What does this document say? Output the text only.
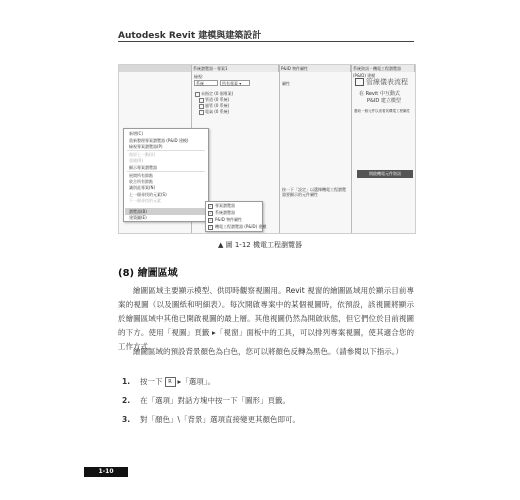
Autodesk Revit 建模與建築設計
系統瀏覽器 - 專案1	P&ID 物件屬性	系統資訊 - 機電工程瀏覽器 (P&ID) 建模
檢視:
系統	所有專案 ▾
未指定 (0 個專案)
管道 (0 系統)
風管 (0 系統)
電氣 (0 系統)
屬性	管線儀表流程
在 Revit 中互動式
P&ID 建立模型
選取一個元件以查看其機電工程屬性
按一下「設定」以選擇機電工程瀏覽器要顯示的元件屬性
開啟機電元件資訊
新增(C)
重新整理專案瀏覽器 (P&ID 建模)
檢視專案瀏覽器(P)
復原上一動(U)
重做(R)
顯示專案瀏覽器
展開所有節點
收合所有節點
識別此專案(N)
上一個尋找的元素(S)
下一個尋找的元素
瀏覽器(B)
建築圖(E)
✓ 專案瀏覽器
✓ 系統瀏覽器
✓ P&ID 物件屬性
✓ 機電工程瀏覽器 (P&ID) 建模
▲ 圖 1-12 機電工程瀏覽器
(8) 繪圖區域
繪圖區域主要顯示模型、供即時觀察視圖用。Revit 視窗的繪圖區域用於顯示目前專案的視圖（以及圖紙和明細表）。每次開啟專案中的某個視圖時，依預設，該視圖將顯示於繪圖區域中其他已開啟視圖的最上層。其他視圖仍然為開啟狀態，但它們位於目前視圖的下方。使用「視圖」頁籤 ▸「視窗」面板中的工具，可以排列專案視圖，使其適合您的工作方式。
繪圖區域的預設背景顏色為白色，您可以將顏色反轉為黑色。（請參閱以下指示。）
1. 按一下 R ▸「選項」。
2. 在「選項」對話方塊中按一下「圖形」頁籤。
3. 對「顏色」\「背景」選項直接變更其顏色即可。
1-10
